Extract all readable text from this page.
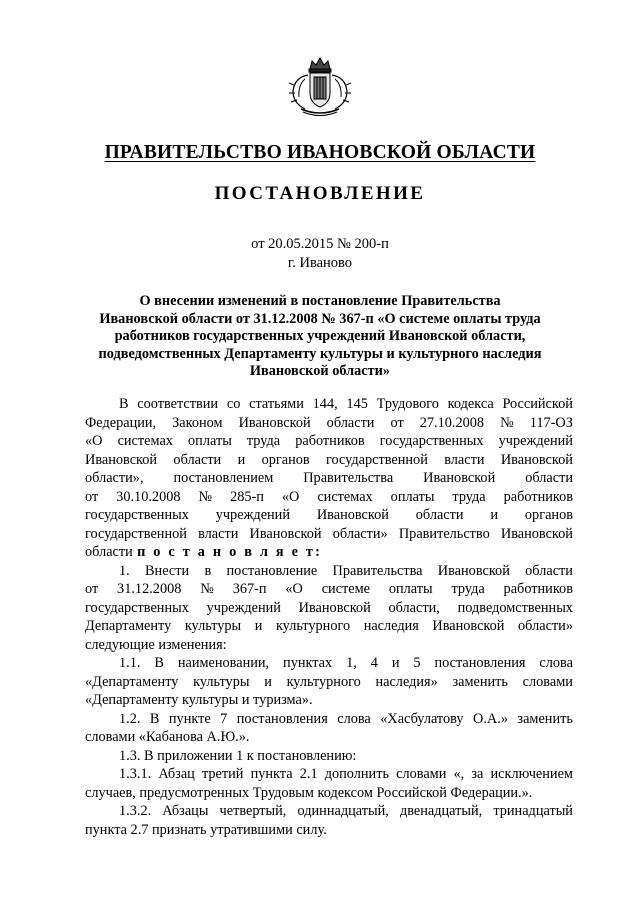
ПРАВИТЕЛЬСТВО ИВАНОВСКОЙ ОБЛАСТИ
ПОСТАНОВЛЕНИЕ
от 20.05.2015 № 200-п
г. Иваново
О внесении изменений в постановление Правительства
Ивановской области от 31.12.2008 № 367-п «О системе оплаты труда
работников государственных учреждений Ивановской области,
подведомственных Департаменту культуры и культурного наследия
Ивановской области»
В соответствии со статьями 144, 145 Трудового кодекса Российской
Федерации, Законом Ивановской области от 27.10.2008 № 117-ОЗ
«О системах оплаты труда работников государственных учреждений
Ивановской области и органов государственной власти Ивановской
области», постановлением Правительства Ивановской области
от 30.10.2008 № 285-п «О системах оплаты труда работников
государственных учреждений Ивановской области и органов
государственной власти Ивановской области» Правительство Ивановской
области п о с т а н о в л я е т:
1. Внести в постановление Правительства Ивановской области
от 31.12.2008 № 367-п «О системе оплаты труда работников
государственных учреждений Ивановской области, подведомственных
Департаменту культуры и культурного наследия Ивановской области»
следующие изменения:
1.1. В наименовании, пунктах 1, 4 и 5 постановления слова
«Департаменту культуры и культурного наследия» заменить словами
«Департаменту культуры и туризма».
1.2. В пункте 7 постановления слова «Хасбулатову О.А.» заменить
словами «Кабанова А.Ю.».
1.3. В приложении 1 к постановлению:
1.3.1. Абзац третий пункта 2.1 дополнить словами «, за исключением
случаев, предусмотренных Трудовым кодексом Российской Федерации.».
1.3.2. Абзацы четвертый, одиннадцатый, двенадцатый, тринадцатый
пункта 2.7 признать утратившими силу.
